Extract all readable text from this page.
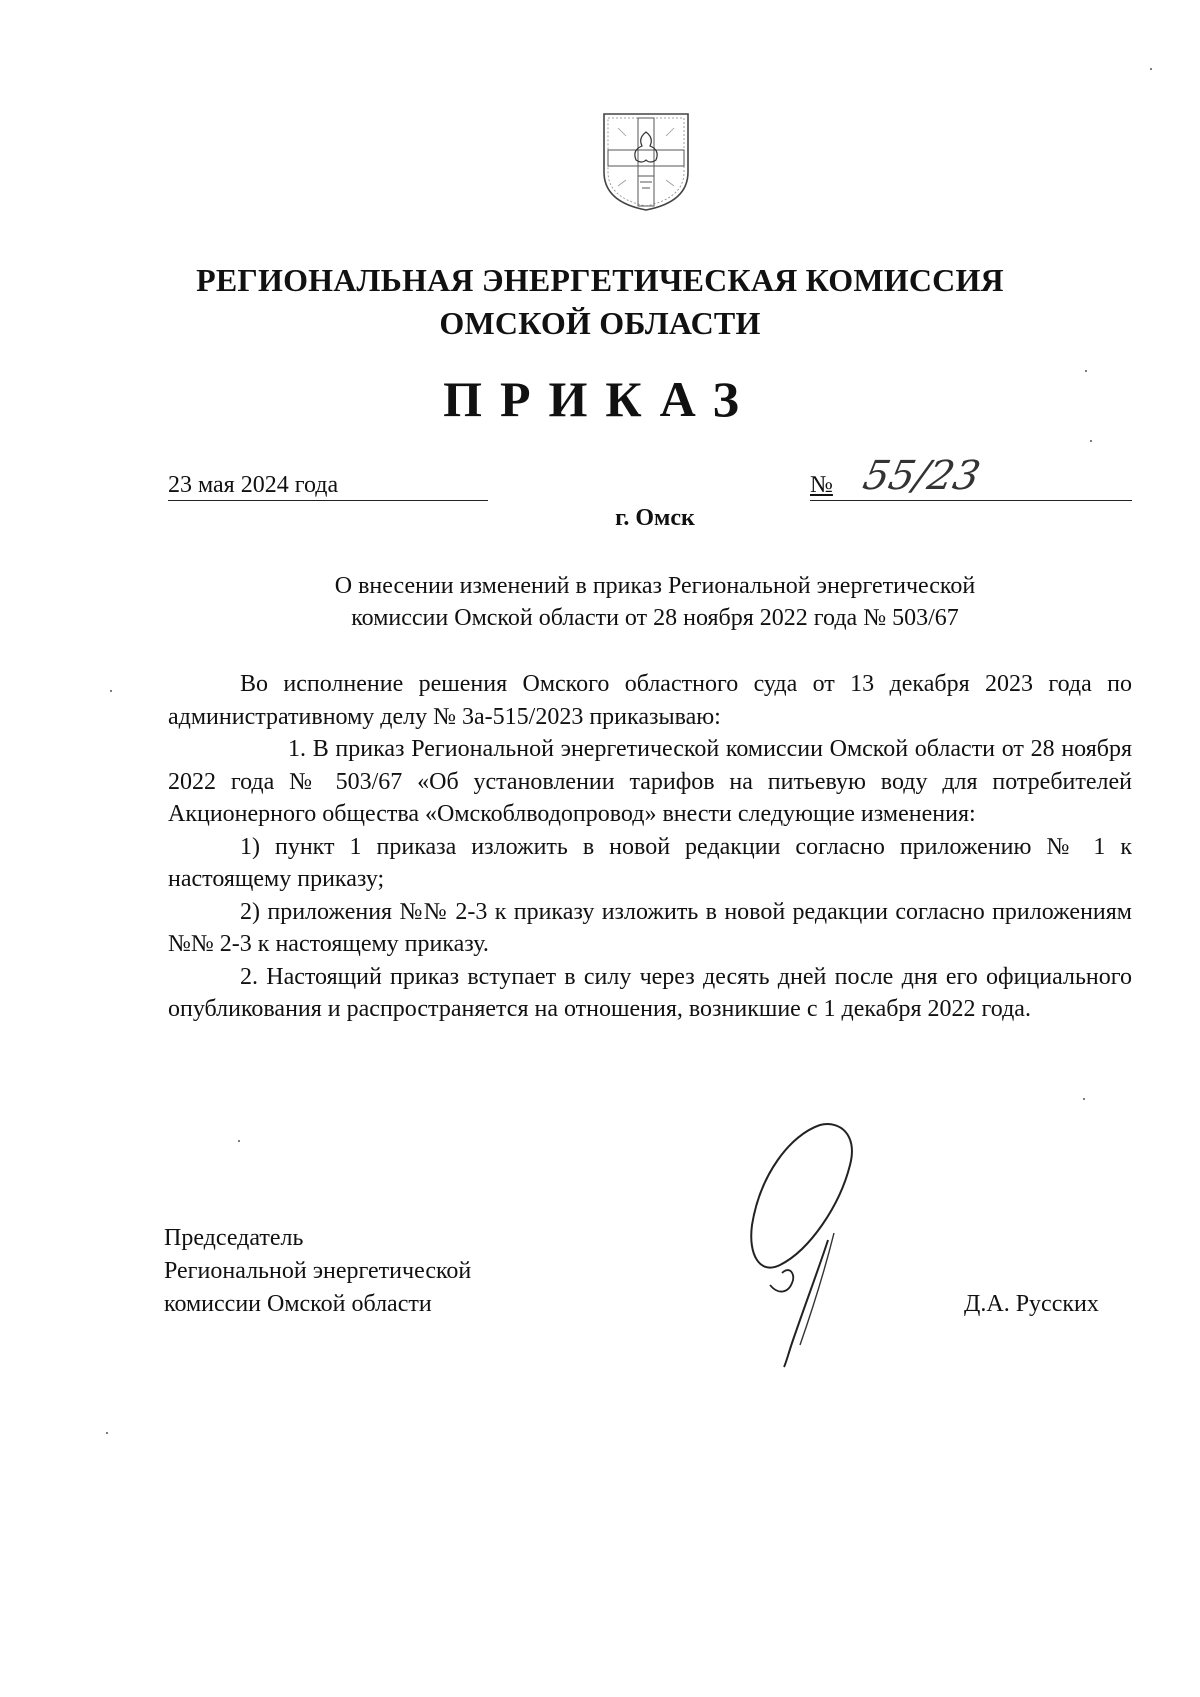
РЕГИОНАЛЬНАЯ ЭНЕРГЕТИЧЕСКАЯ КОМИССИЯ
ОМСКОЙ ОБЛАСТИ
ПРИКАЗ
23 мая 2024 года	№ 55/23
г. Омск
О внесении изменений в приказ Региональной энергетической
комиссии Омской области от 28 ноября 2022 года № 503/67

Во исполнение решения Омского областного суда от 13 декабря 2023 года по административному делу № 3а-515/2023 приказываю:

1. В приказ Региональной энергетической комиссии Омской области от 28 ноября 2022 года № 503/67 «Об установлении тарифов на питьевую воду для потребителей Акционерного общества «Омскоблводопровод» внести следующие изменения:

1) пункт 1 приказа изложить в новой редакции согласно приложению № 1 к настоящему приказу;

2) приложения №№ 2-3 к приказу изложить в новой редакции согласно приложениям №№ 2-3 к настоящему приказу.

2. Настоящий приказ вступает в силу через десять дней после дня его официального опубликования и распространяется на отношения, возникшие с 1 декабря 2022 года.

Председатель
Региональной энергетической
комиссии Омской области	Д.А. Русских
